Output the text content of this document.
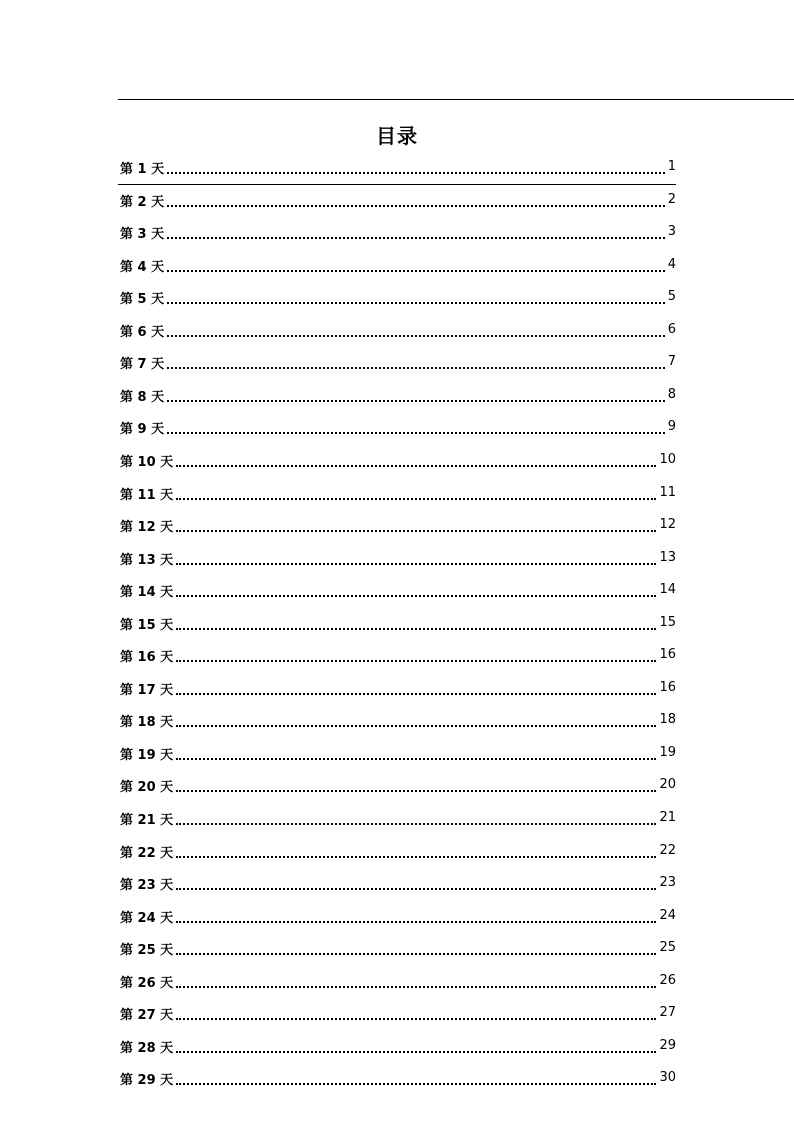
目录
第 1 天	1
第 2 天	2
第 3 天	3
第 4 天	4
第 5 天	5
第 6 天	6
第 7 天	7
第 8 天	8
第 9 天	9
第 10 天	10
第 11 天	11
第 12 天	12
第 13 天	13
第 14 天	14
第 15 天	15
第 16 天	16
第 17 天	16
第 18 天	18
第 19 天	19
第 20 天	20
第 21 天	21
第 22 天	22
第 23 天	23
第 24 天	24
第 25 天	25
第 26 天	26
第 27 天	27
第 28 天	29
第 29 天	30
